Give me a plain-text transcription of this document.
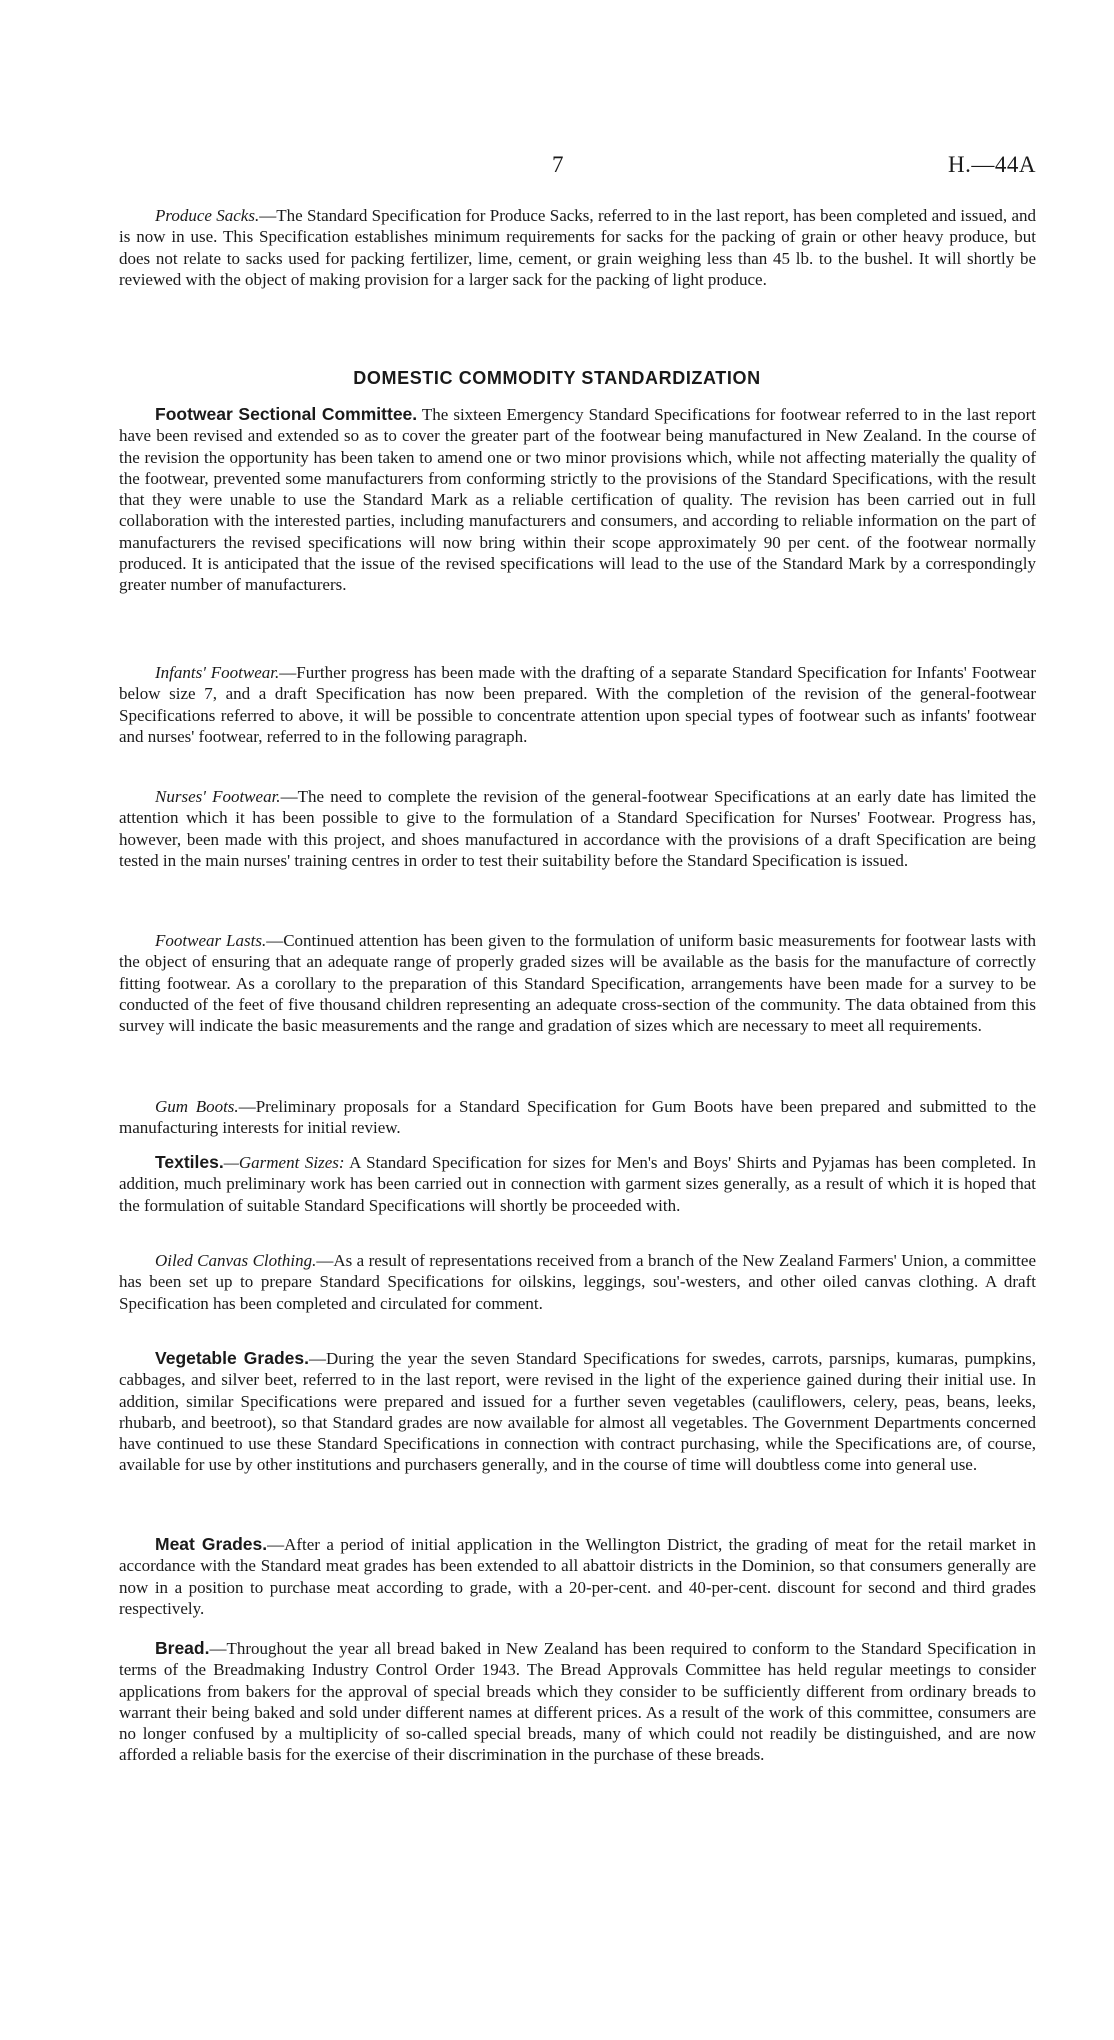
7	H.—44A

Produce Sacks.—The Standard Specification for Produce Sacks, referred to in the last report, has been completed and issued, and is now in use. This Specification establishes minimum requirements for sacks for the packing of grain or other heavy produce, but does not relate to sacks used for packing fertilizer, lime, cement, or grain weighing less than 45 lb. to the bushel. It will shortly be reviewed with the object of making provision for a larger sack for the packing of light produce.

DOMESTIC COMMODITY STANDARDIZATION

Footwear Sectional Committee. The sixteen Emergency Standard Specifications for footwear referred to in the last report have been revised and extended so as to cover the greater part of the footwear being manufactured in New Zealand. In the course of the revision the opportunity has been taken to amend one or two minor provisions which, while not affecting materially the quality of the footwear, prevented some manufacturers from conforming strictly to the provisions of the Standard Specifications, with the result that they were unable to use the Standard Mark as a reliable certification of quality. The revision has been carried out in full collaboration with the interested parties, including manufacturers and consumers, and according to reliable information on the part of manufacturers the revised specifications will now bring within their scope approximately 90 per cent. of the footwear normally produced. It is anticipated that the issue of the revised specifications will lead to the use of the Standard Mark by a correspondingly greater number of manufacturers.

Infants' Footwear.—Further progress has been made with the drafting of a separate Standard Specification for Infants' Footwear below size 7, and a draft Specification has now been prepared. With the completion of the revision of the general-footwear Specifications referred to above, it will be possible to concentrate attention upon special types of footwear such as infants' footwear and nurses' footwear, referred to in the following paragraph.

Nurses' Footwear.—The need to complete the revision of the general-footwear Specifications at an early date has limited the attention which it has been possible to give to the formulation of a Standard Specification for Nurses' Footwear. Progress has, however, been made with this project, and shoes manufactured in accordance with the provisions of a draft Specification are being tested in the main nurses' training centres in order to test their suitability before the Standard Specification is issued.

Footwear Lasts.—Continued attention has been given to the formulation of uniform basic measurements for footwear lasts with the object of ensuring that an adequate range of properly graded sizes will be available as the basis for the manufacture of correctly fitting footwear. As a corollary to the preparation of this Standard Specification, arrangements have been made for a survey to be conducted of the feet of five thousand children representing an adequate cross-section of the community. The data obtained from this survey will indicate the basic measurements and the range and gradation of sizes which are necessary to meet all requirements.

Gum Boots.—Preliminary proposals for a Standard Specification for Gum Boots have been prepared and submitted to the manufacturing interests for initial review.

Textiles.—Garment Sizes: A Standard Specification for sizes for Men's and Boys' Shirts and Pyjamas has been completed. In addition, much preliminary work has been carried out in connection with garment sizes generally, as a result of which it is hoped that the formulation of suitable Standard Specifications will shortly be proceeded with.

Oiled Canvas Clothing.—As a result of representations received from a branch of the New Zealand Farmers' Union, a committee has been set up to prepare Standard Specifications for oilskins, leggings, sou'-westers, and other oiled canvas clothing. A draft Specification has been completed and circulated for comment.

Vegetable Grades.—During the year the seven Standard Specifications for swedes, carrots, parsnips, kumaras, pumpkins, cabbages, and silver beet, referred to in the last report, were revised in the light of the experience gained during their initial use. In addition, similar Specifications were prepared and issued for a further seven vegetables (cauliflowers, celery, peas, beans, leeks, rhubarb, and beetroot), so that Standard grades are now available for almost all vegetables. The Government Departments concerned have continued to use these Standard Specifications in connection with contract purchasing, while the Specifications are, of course, available for use by other institutions and purchasers generally, and in the course of time will doubtless come into general use.

Meat Grades.—After a period of initial application in the Wellington District, the grading of meat for the retail market in accordance with the Standard meat grades has been extended to all abattoir districts in the Dominion, so that consumers generally are now in a position to purchase meat according to grade, with a 20-per-cent. and 40-per-cent. discount for second and third grades respectively.

Bread.—Throughout the year all bread baked in New Zealand has been required to conform to the Standard Specification in terms of the Breadmaking Industry Control Order 1943. The Bread Approvals Committee has held regular meetings to consider applications from bakers for the approval of special breads which they consider to be sufficiently different from ordinary breads to warrant their being baked and sold under different names at different prices. As a result of the work of this committee, consumers are no longer confused by a multiplicity of so-called special breads, many of which could not readily be distinguished, and are now afforded a reliable basis for the exercise of their discrimination in the purchase of these breads.
